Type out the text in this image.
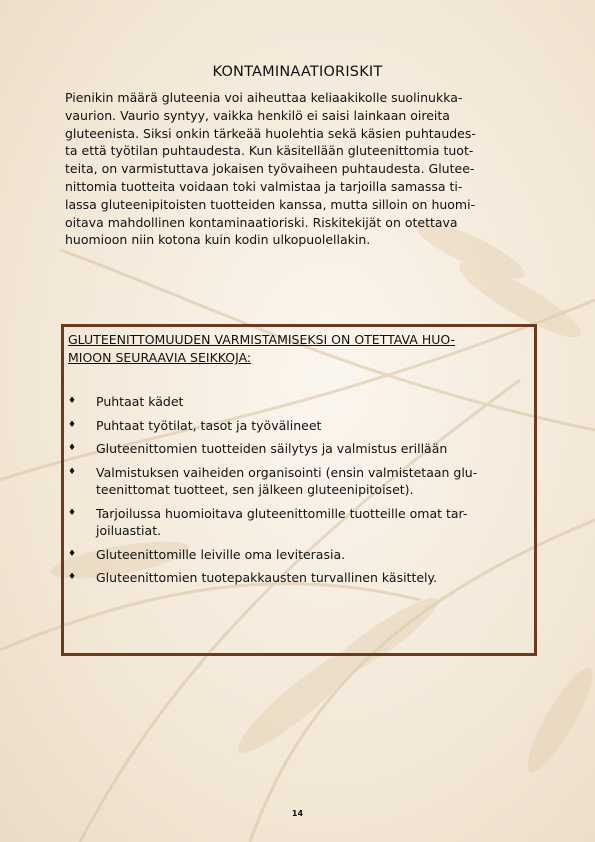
KONTAMINAATIORISKIT
Pienikin määrä gluteenia voi aiheuttaa keliaakikolle suolinukka-
vaurion. Vaurio syntyy, vaikka henkilö ei saisi lainkaan oireita
gluteenista. Siksi onkin tärkeää huolehtia sekä käsien puhtaudes-
ta että työtilan puhtaudesta. Kun käsitellään gluteenittomia tuot-
teita, on varmistuttava jokaisen työvaiheen puhtaudesta. Glutee-
nittomia tuotteita voidaan toki valmistaa ja tarjoilla samassa ti-
lassa gluteenipitoisten tuotteiden kanssa, mutta silloin on huomi-
oitava mahdollinen kontaminaatioriski. Riskitekijät on otettava
huomioon niin kotona kuin kodin ulkopuolellakin.
GLUTEENITTOMUUDEN VARMISTAMISEKSI ON OTETTAVA HUO-
MIOON SEURAAVIA SEIKKOJA:
♦ Puhtaat kädet
♦ Puhtaat työtilat, tasot ja työvälineet
♦ Gluteenittomien tuotteiden säilytys ja valmistus erillään
♦ Valmistuksen vaiheiden organisointi (ensin valmistetaan glu-
teenittomat tuotteet, sen jälkeen gluteenipitoiset).
♦ Tarjoilussa huomioitava gluteenittomille tuotteille omat tar-
joiluastiat.
♦ Gluteenittomille leiville oma leviterasia.
♦ Gluteenittomien tuotepakkausten turvallinen käsittely.
14
